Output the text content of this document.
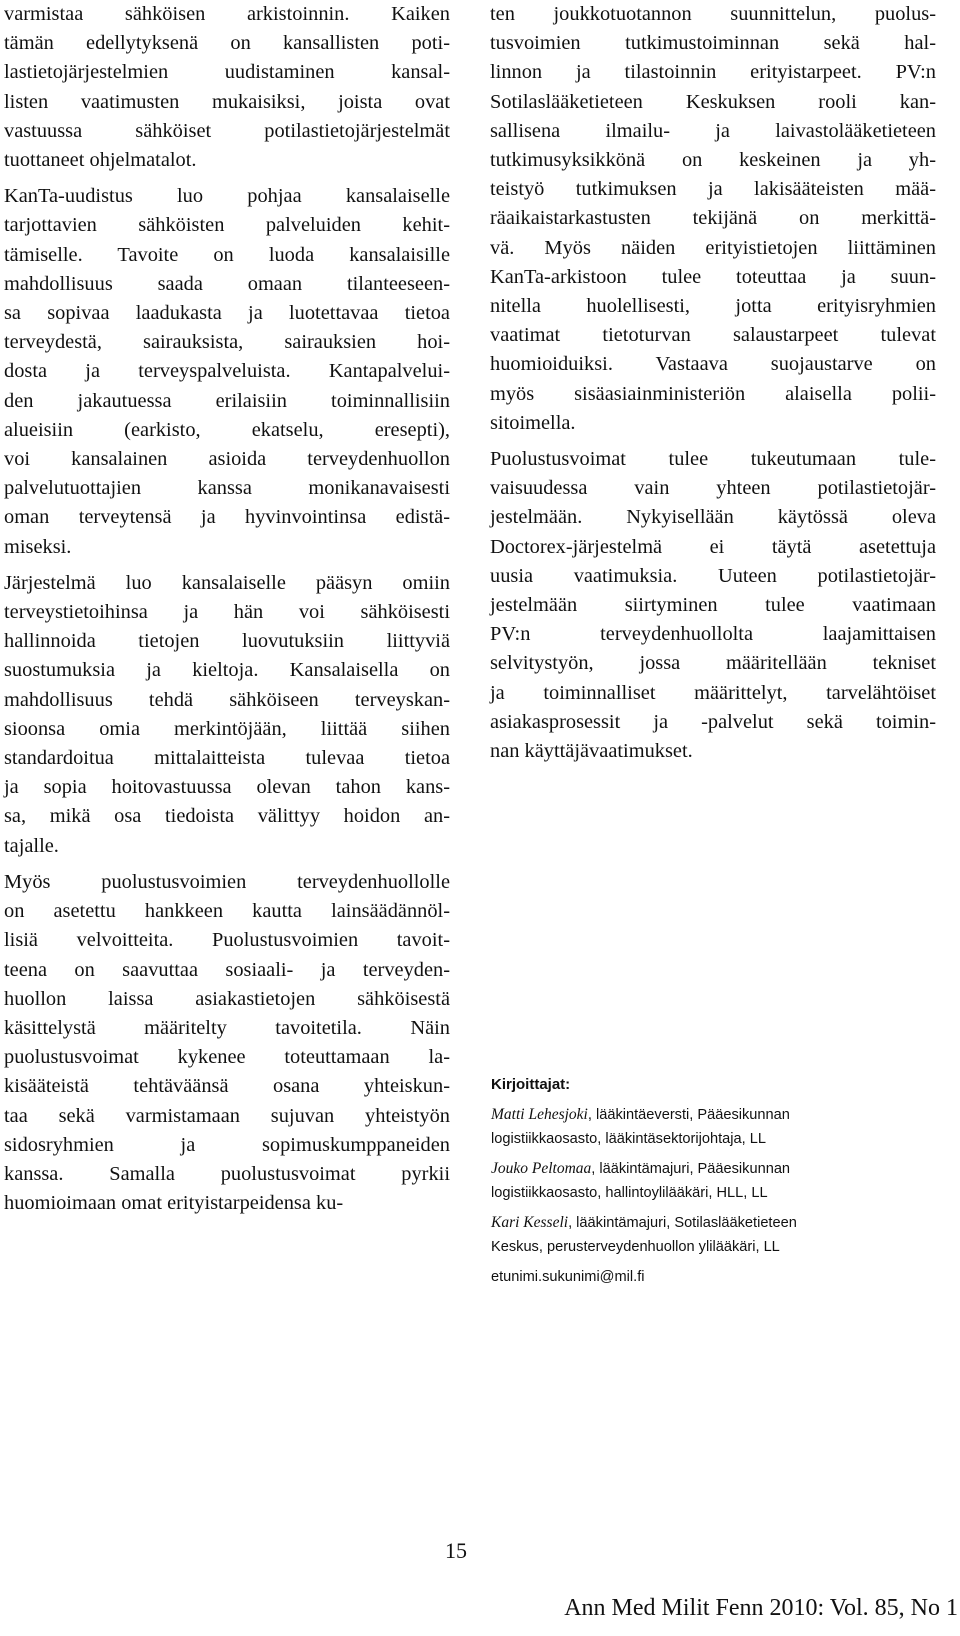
varmistaa sähköisen arkistoinnin. Kaiken
tämän edellytyksenä on kansallisten poti-
lastietojärjestelmien uudistaminen kansal-
listen vaatimusten mukaisiksi, joista ovat
vastuussa sähköiset potilastietojärjestelmät
tuottaneet ohjelmatalot.
KanTa-uudistus luo pohjaa kansalaiselle
tarjottavien sähköisten palveluiden kehit-
tämiselle. Tavoite on luoda kansalaisille
mahdollisuus saada omaan tilanteeseen-
sa sopivaa laadukasta ja luotettavaa tietoa
terveydestä, sairauksista, sairauksien hoi-
dosta ja terveyspalveluista. Kantapalvelui-
den jakautuessa erilaisiin toiminnallisiin
alueisiin (earkisto, ekatselu, eresepti),
voi kansalainen asioida terveydenhuollon
palvelutuottajien kanssa monikanavaisesti
oman terveytensä ja hyvinvointinsa edistä-
miseksi.
Järjestelmä luo kansalaiselle pääsyn omiin
terveystietoihinsa ja hän voi sähköisesti
hallinnoida tietojen luovutuksiin liittyviä
suostumuksia ja kieltoja. Kansalaisella on
mahdollisuus tehdä sähköiseen terveyskan-
sioonsa omia merkintöjään, liittää siihen
standardoitua mittalaitteista tulevaa tietoa
ja sopia hoitovastuussa olevan tahon kans-
sa, mikä osa tiedoista välittyy hoidon an-
tajalle.
Myös puolustusvoimien terveydenhuollolle
on asetettu hankkeen kautta lainsäädännöl-
lisiä velvoitteita. Puolustusvoimien tavoit-
teena on saavuttaa sosiaali- ja terveyden-
huollon laissa asiakastietojen sähköisestä
käsittelystä määritelty tavoitetila. Näin
puolustusvoimat kykenee toteuttamaan la-
kisääteistä tehtäväänsä osana yhteiskun-
taa sekä varmistamaan sujuvan yhteistyön
sidosryhmien ja sopimuskumppaneiden
kanssa. Samalla puolustusvoimat pyrkii
huomioimaan omat erityistarpeidensa ku-
ten joukkotuotannon suunnittelun, puolus-
tusvoimien tutkimustoiminnan sekä hal-
linnon ja tilastoinnin erityistarpeet. PV:n
Sotilaslääketieteen Keskuksen rooli kan-
sallisena ilmailu- ja laivastolääketieteen
tutkimusyksikkönä on keskeinen ja yh-
teistyö tutkimuksen ja lakisääteisten mää-
räaikaistarkastusten tekijänä on merkittä-
vä. Myös näiden erityistietojen liittäminen
KanTa-arkistoon tulee toteuttaa ja suun-
nitella huolellisesti, jotta erityisryhmien
vaatimat tietoturvan salaustarpeet tulevat
huomioiduiksi. Vastaava suojaustarve on
myös sisäasiainministeriön alaisella polii-
sitoimella.
Puolustusvoimat tulee tukeutumaan tule-
vaisuudessa vain yhteen potilastietojär-
jestelmään. Nykyisellään käytössä oleva
Doctorex-järjestelmä ei täytä asetettuja
uusia vaatimuksia. Uuteen potilastietojär-
jestelmään siirtyminen tulee vaatimaan
PV:n terveydenhuollolta laajamittaisen
selvitystyön, jossa määritellään tekniset
ja toiminnalliset määrittelyt, tarvelähtöiset
asiakasprosessit ja -palvelut sekä toimin-
nan käyttäjävaatimukset.
Kirjoittajat:
Matti Lehesjoki, lääkintäeversti, Pääesikunnan
logistiikkaosasto, lääkintäsektorijohtaja, LL
Jouko Peltomaa, lääkintämajuri, Pääesikunnan
logistiikkaosasto, hallintoylilääkäri, HLL, LL
Kari Kesseli, lääkintämajuri, Sotilaslääketieteen
Keskus, perusterveydenhuollon ylilääkäri, LL
etunimi.sukunimi@mil.fi
15
Ann Med Milit Fenn 2010: Vol. 85, No 1
